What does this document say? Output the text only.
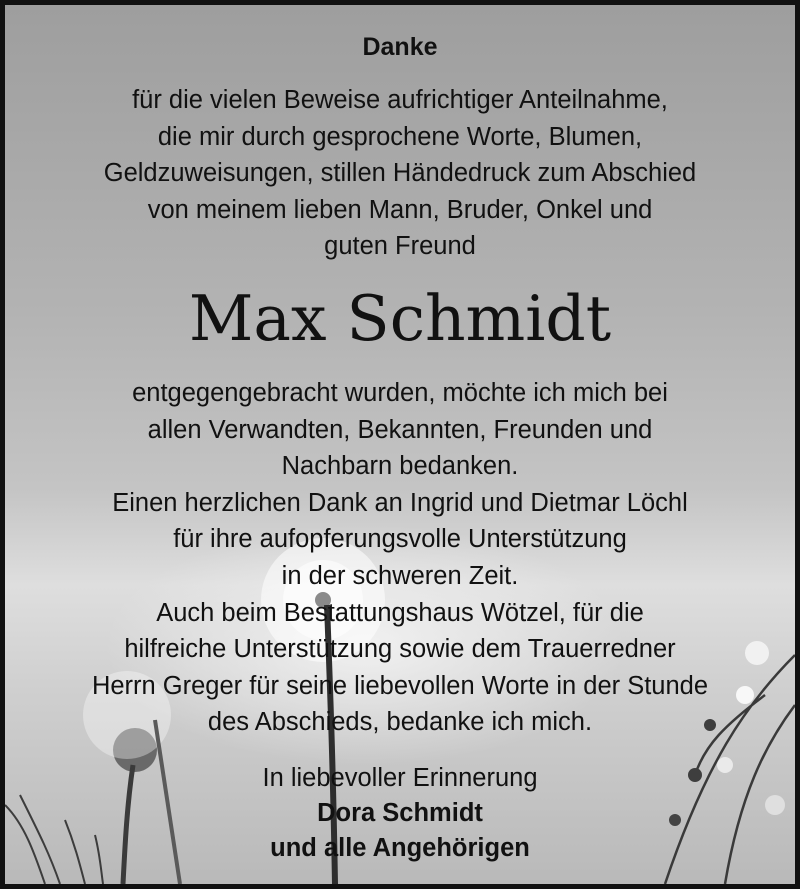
Danke
für die vielen Beweise aufrichtiger Anteilnahme,
die mir durch gesprochene Worte, Blumen,
Geldzuweisungen, stillen Händedruck zum Abschied
von meinem lieben Mann, Bruder, Onkel und
guten Freund
Max Schmidt
entgegengebracht wurden, möchte ich mich bei
allen Verwandten, Bekannten, Freunden und
Nachbarn bedanken.
Einen herzlichen Dank an Ingrid und Dietmar Löchl
für ihre aufopferungsvolle Unterstützung
in der schweren Zeit.
Auch beim Bestattungshaus Wötzel, für die
hilfreiche Unterstützung sowie dem Trauerredner
Herrn Greger für seine liebevollen Worte in der Stunde
des Abschieds, bedanke ich mich.
In liebevoller Erinnerung
Dora Schmidt
und alle Angehörigen
